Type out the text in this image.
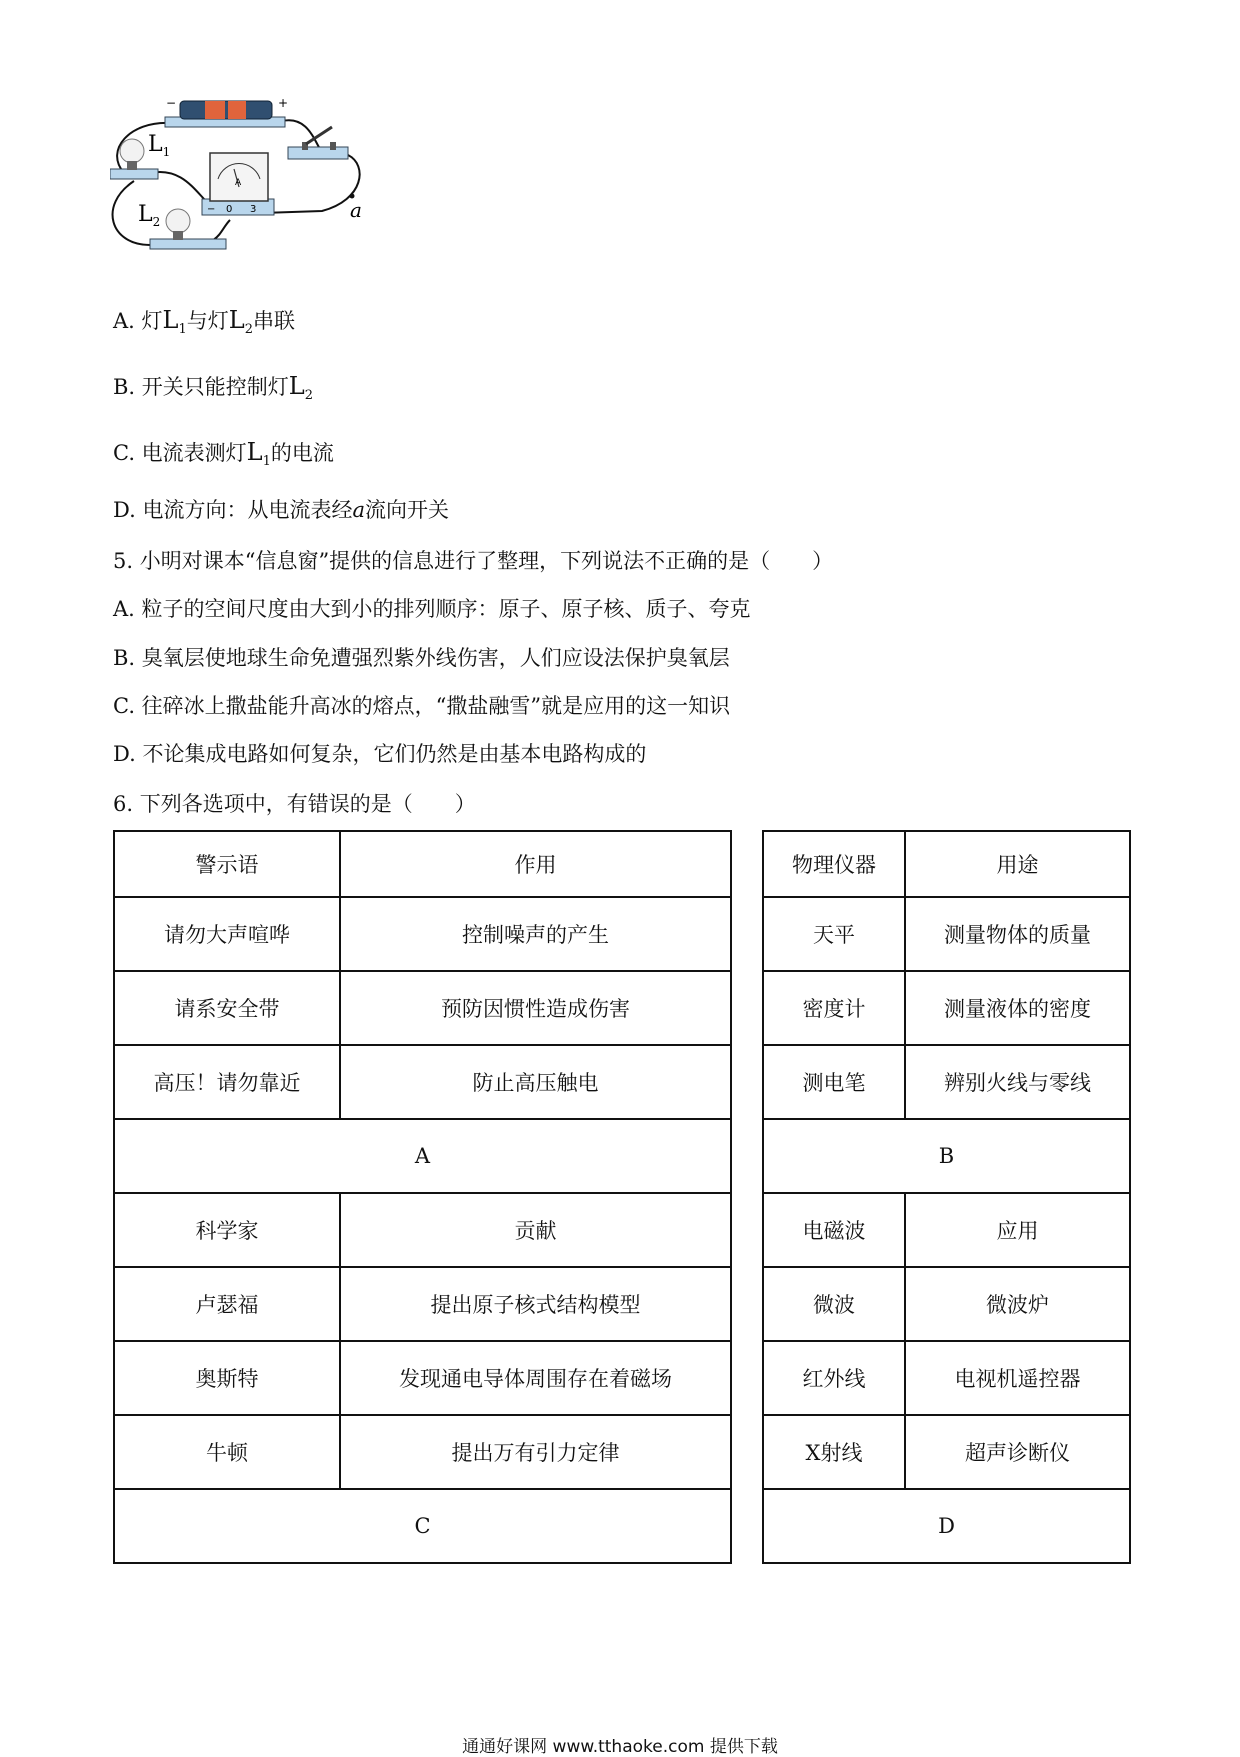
−	+
$L_1$
$L_2$
A
− 0 3	a
A. 灯$L_1$与灯$L_2$串联
B. 开关只能控制灯$L_2$
C. 电流表测灯$L_1$的电流
D. 电流方向：从电流表经a流向开关
5. 小明对课本“信息窗”提供的信息进行了整理，下列说法不正确的是（　　）
A. 粒子的空间尺度由大到小的排列顺序：原子、原子核、质子、夸克
B. 臭氧层使地球生命免遭强烈紫外线伤害，人们应设法保护臭氧层
C. 往碎冰上撒盐能升高冰的熔点，“撒盐融雪”就是应用的这一知识
D. 不论集成电路如何复杂，它们仍然是由基本电路构成的
6. 下列各选项中，有错误的是（　　）
警示语	作用
请勿大声喧哗	控制噪声的产生
请系安全带	预防因惯性造成伤害
高压！请勿靠近	防止高压触电
A	
物理仪器	用途
天平	测量物体的质量
密度计	测量液体的密度
测电笔	辨别火线与零线
B	
科学家	贡献
卢瑟福	提出原子核式结构模型
奥斯特	发现通电导体周围存在着磁场
牛顿	提出万有引力定律
C	
电磁波	应用
微波	微波炉
红外线	电视机遥控器
X射线	超声诊断仪
D	
通通好课网 www.tthaoke.com 提供下载
